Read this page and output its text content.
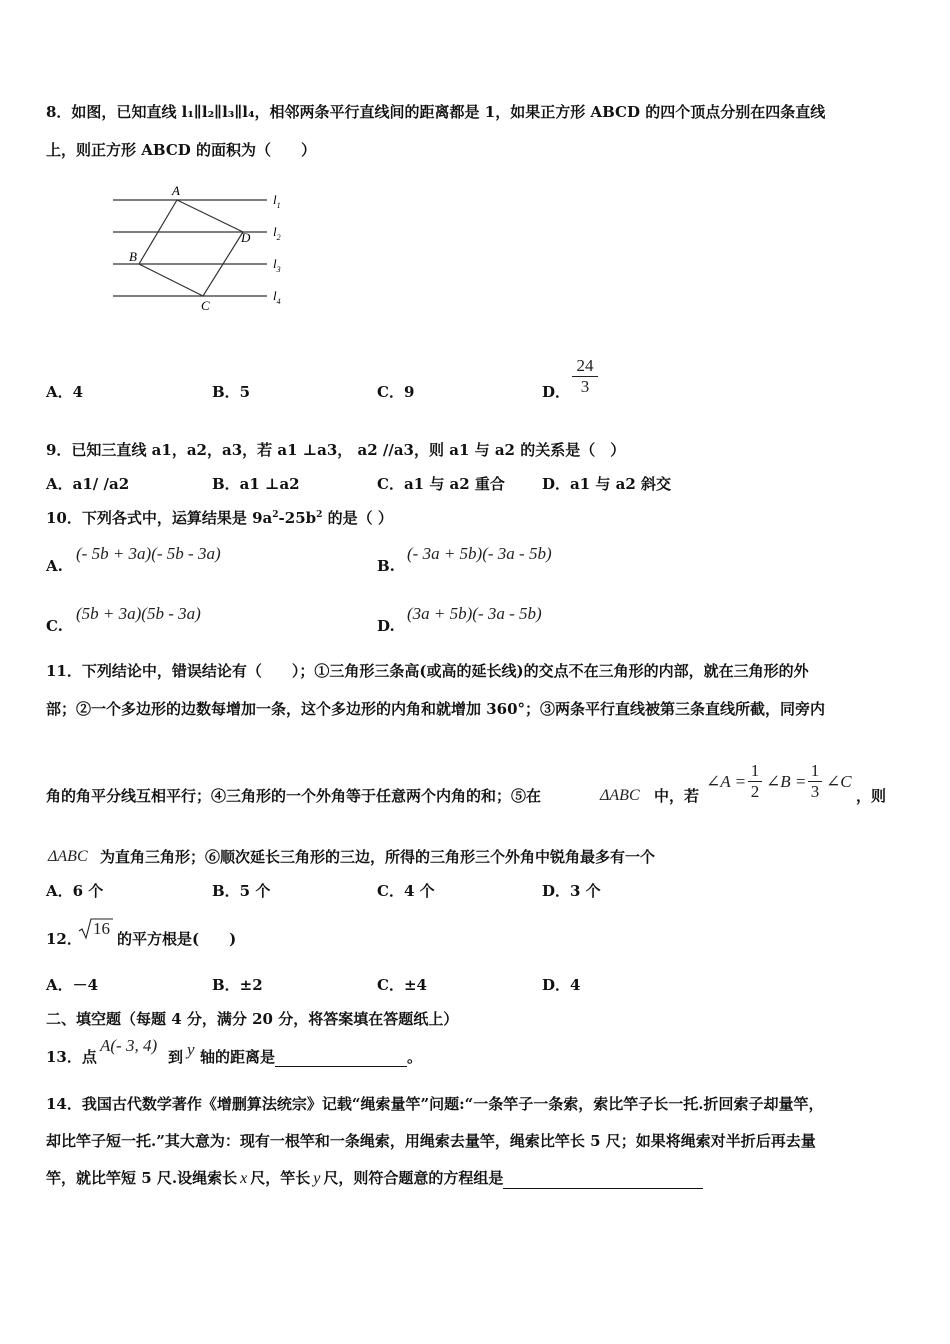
8．如图，已知直线 l₁∥l₂∥l₃∥l₄，相邻两条平行直线间的距离都是 1，如果正方形 ABCD 的四个顶点分别在四条直线
上，则正方形 ABCD 的面积为（　　）
A
B
C
D
$l_1$
$l_2$
$l_3$
$l_4$
A．4	B．5	C．9	D．
24
3
9．已知三直线 a1，a2，a3，若 a1 ⊥a3， a2 //a3，则 a1 与 a2 的关系是（　）
A．a1/ /a2	B．a1 ⊥a2	C．a1 与 a2 重合 D．a1 与 a2 斜交
10．下列各式中，运算结果是 $9a^2-25b^2$ 的是（ ）
A.
(- 5b + 3a)(- 5b - 3a)
B.
(- 3a + 5b)(- 3a - 5b)
C.
(5b + 3a)(5b - 3a)
D.
(3a + 5b)(- 3a - 5b)
11．下列结论中，错误结论有（　　）；①三角形三条高(或高的延长线)的交点不在三角形的内部，就在三角形的外
部；②一个多边形的边数每增加一条，这个多边形的内角和就增加 360°；③两条平行直线被第三条直线所截，同旁内
角的角平分线互相平行；④三角形的一个外角等于任意两个内角的和；⑤在	ΔABC 中，若
∠A =
1
2
∠B =
1
3
∠C
，则
ΔABC 为直角三角形；⑥顺次延长三角形的三边，所得的三角形三个外角中锐角最多有一个
A．6 个	B．5 个	C．4 个	D．3 个
12．
16
的平方根是(　　)
A．－4	B．±2	C．±4	D．4
二、填空题（每题 4 分，满分 20 分，将答案填在答题纸上）
13．点
A(- 3, 4)
到 y 轴的距离是	。
14．我国古代数学著作《增删算法统宗》记载“绳索量竿”问题:“一条竿子一条索，索比竿子长一托.折回索子却量竿，
却比竿子短一托.”其大意为：现有一根竿和一条绳索，用绳索去量竿，绳索比竿长 5 尺；如果将绳索对半折后再去量
竿，就比竿短 5 尺.设绳索长 x 尺，竿长 y 尺，则符合题意的方程组是
